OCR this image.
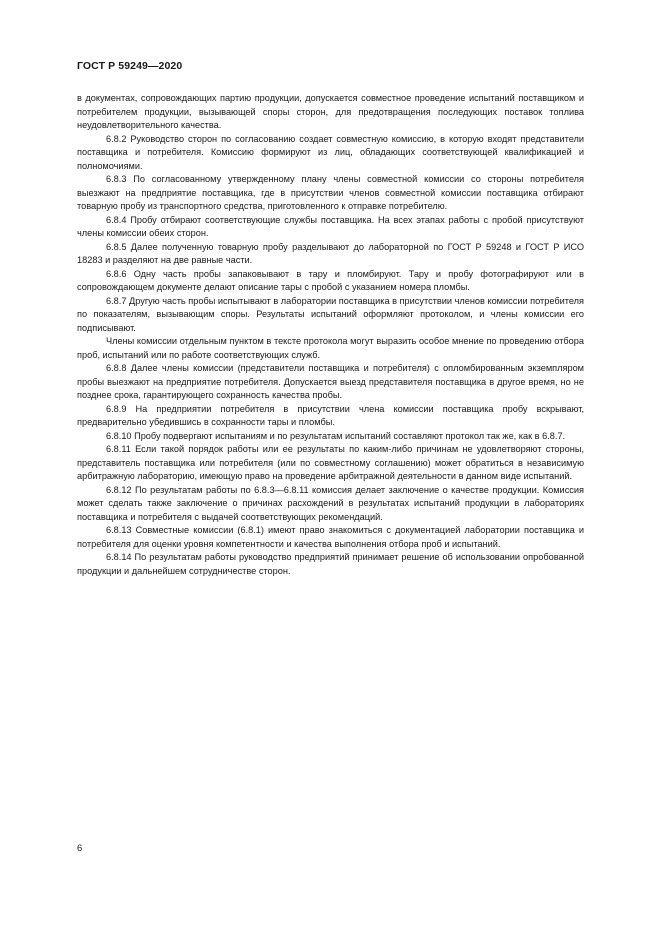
ГОСТ Р 59249—2020

в документах, сопровождающих партию продукции, допускается совместное проведение испытаний поставщиком и потребителем продукции, вызывающей споры сторон, для предотвращения последующих поставок топлива неудовлетворительного качества.

6.8.2 Руководство сторон по согласованию создает совместную комиссию, в которую входят представители поставщика и потребителя. Комиссию формируют из лиц, обладающих соответствующей квалификацией и полномочиями.

6.8.3 По согласованному утвержденному плану члены совместной комиссии со стороны потребителя выезжают на предприятие поставщика, где в присутствии членов совместной комиссии поставщика отбирают товарную пробу из транспортного средства, приготовленного к отправке потребителю.

6.8.4 Пробу отбирают соответствующие службы поставщика. На всех этапах работы с пробой присутствуют члены комиссии обеих сторон.

6.8.5 Далее полученную товарную пробу разделывают до лабораторной по ГОСТ Р 59248 и ГОСТ Р ИСО 18283 и разделяют на две равные части.

6.8.6 Одну часть пробы запаковывают в тару и пломбируют. Тару и пробу фотографируют или в сопровождающем документе делают описание тары с пробой с указанием номера пломбы.

6.8.7 Другую часть пробы испытывают в лаборатории поставщика в присутствии членов комиссии потребителя по показателям, вызывающим споры. Результаты испытаний оформляют протоколом, и члены комиссии его подписывают.

Члены комиссии отдельным пунктом в тексте протокола могут выразить особое мнение по проведению отбора проб, испытаний или по работе соответствующих служб.

6.8.8 Далее члены комиссии (представители поставщика и потребителя) с опломбированным экземпляром пробы выезжают на предприятие потребителя. Допускается выезд представителя поставщика в другое время, но не позднее срока, гарантирующего сохранность качества пробы.

6.8.9 На предприятии потребителя в присутствии члена комиссии поставщика пробу вскрывают, предварительно убедившись в сохранности тары и пломбы.

6.8.10 Пробу подвергают испытаниям и по результатам испытаний составляют протокол так же, как в 6.8.7.

6.8.11 Если такой порядок работы или ее результаты по каким-либо причинам не удовлетворяют стороны, представитель поставщика или потребителя (или по совместному соглашению) может обратиться в независимую арбитражную лабораторию, имеющую право на проведение арбитражной деятельности в данном виде испытаний.

6.8.12 По результатам работы по 6.8.3—6.8.11 комиссия делает заключение о качестве продукции. Комиссия может сделать также заключение о причинах расхождений в результатах испытаний продукции в лабораториях поставщика и потребителя с выдачей соответствующих рекомендаций.

6.8.13 Совместные комиссии (6.8.1) имеют право знакомиться с документацией лаборатории поставщика и потребителя для оценки уровня компетентности и качества выполнения отбора проб и испытаний.

6.8.14 По результатам работы руководство предприятий принимает решение об использовании опробованной продукции и дальнейшем сотрудничестве сторон.

6
